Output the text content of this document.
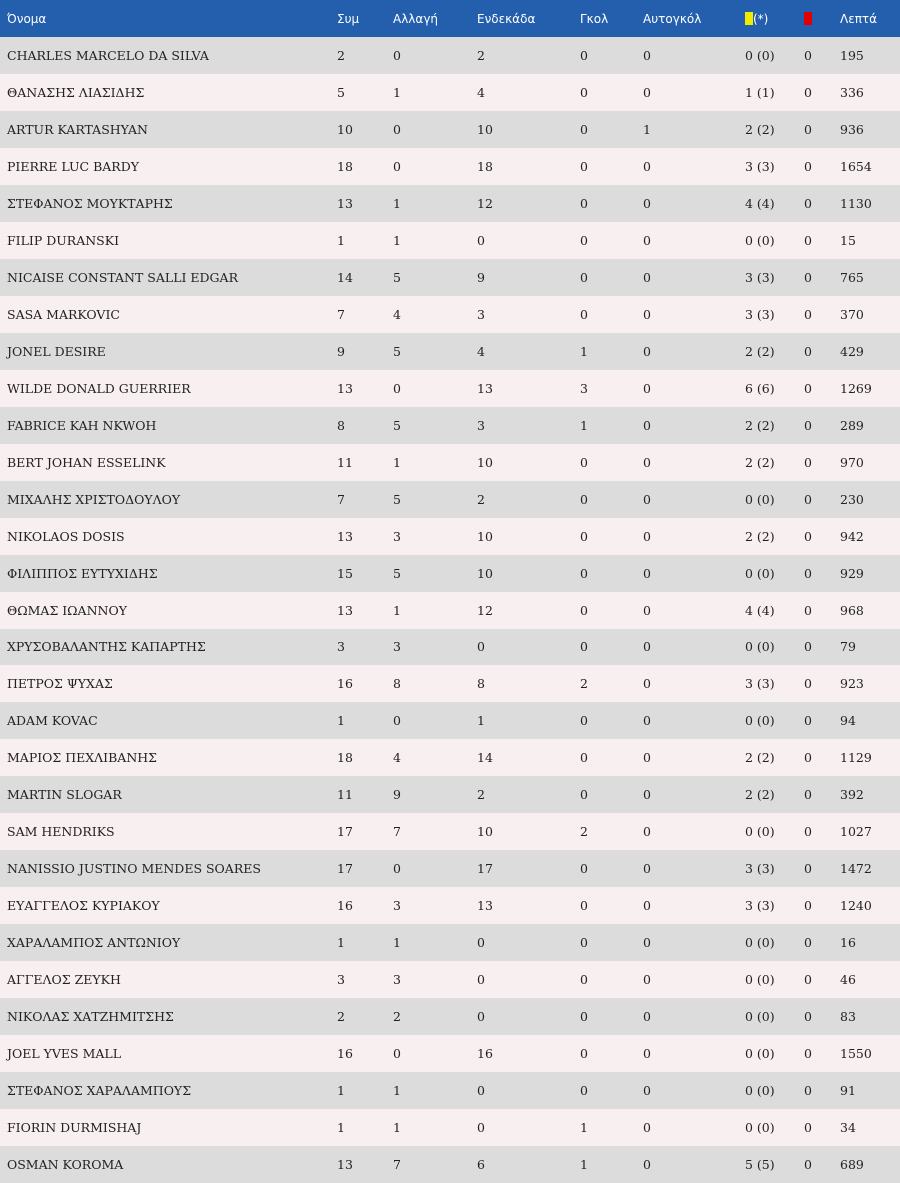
Όνομα	Συμ	Αλλαγή	Ενδεκάδα	Γκολ	Αυτογκόλ	(*)		Λεπτά
CHARLES MARCELO DA SILVA	2	0	2	0	0	0 (0)	0	195
ΘΑΝΑΣΗΣ ΛΙΑΣΙΔΗΣ	5	1	4	0	0	1 (1)	0	336
ARTUR KARTASHYAN	10	0	10	0	1	2 (2)	0	936
PIERRE LUC BARDY	18	0	18	0	0	3 (3)	0	1654
ΣΤΕΦΑΝΟΣ ΜΟΥΚΤΑΡΗΣ	13	1	12	0	0	4 (4)	0	1130
FILIP DURANSKI	1	1	0	0	0	0 (0)	0	15
NICAISE CONSTANT SALLI EDGAR	14	5	9	0	0	3 (3)	0	765
SASA MARKOVIC	7	4	3	0	0	3 (3)	0	370
JONEL DESIRE	9	5	4	1	0	2 (2)	0	429
WILDE DONALD GUERRIER	13	0	13	3	0	6 (6)	0	1269
FABRICE KAH NKWOH	8	5	3	1	0	2 (2)	0	289
BERT JOHAN ESSELINK	11	1	10	0	0	2 (2)	0	970
ΜΙΧΑΛΗΣ ΧΡΙΣΤΟΔΟΥΛΟΥ	7	5	2	0	0	0 (0)	0	230
NIKOLAOS DOSIS	13	3	10	0	0	2 (2)	0	942
ΦΙΛΙΠΠΟΣ ΕΥΤΥΧΙΔΗΣ	15	5	10	0	0	0 (0)	0	929
ΘΩΜΑΣ ΙΩΑΝΝΟΥ	13	1	12	0	0	4 (4)	0	968
ΧΡΥΣΟΒΑΛΑΝΤΗΣ ΚΑΠΑΡΤΗΣ	3	3	0	0	0	0 (0)	0	79
ΠΕΤΡΟΣ ΨΥΧΑΣ	16	8	8	2	0	3 (3)	0	923
ADAM KOVAC	1	0	1	0	0	0 (0)	0	94
ΜΑΡΙΟΣ ΠΕΧΛΙΒΑΝΗΣ	18	4	14	0	0	2 (2)	0	1129
MARTIN SLOGAR	11	9	2	0	0	2 (2)	0	392
SAM HENDRIKS	17	7	10	2	0	0 (0)	0	1027
NANISSIO JUSTINO MENDES SOARES	17	0	17	0	0	3 (3)	0	1472
ΕΥΑΓΓΕΛΟΣ ΚΥΡΙΑΚΟΥ	16	3	13	0	0	3 (3)	0	1240
ΧΑΡΑΛΑΜΠΟΣ ΑΝΤΩΝΙΟΥ	1	1	0	0	0	0 (0)	0	16
ΑΓΓΕΛΟΣ ΖΕΥΚΗ	3	3	0	0	0	0 (0)	0	46
ΝΙΚΟΛΑΣ ΧΑΤΖΗΜΙΤΣΗΣ	2	2	0	0	0	0 (0)	0	83
JOEL YVES MALL	16	0	16	0	0	0 (0)	0	1550
ΣΤΕΦΑΝΟΣ ΧΑΡΑΛΑΜΠΟΥΣ	1	1	0	0	0	0 (0)	0	91
FIORIN DURMISHAJ	1	1	0	1	0	0 (0)	0	34
OSMAN KOROMA	13	7	6	1	0	5 (5)	0	689
